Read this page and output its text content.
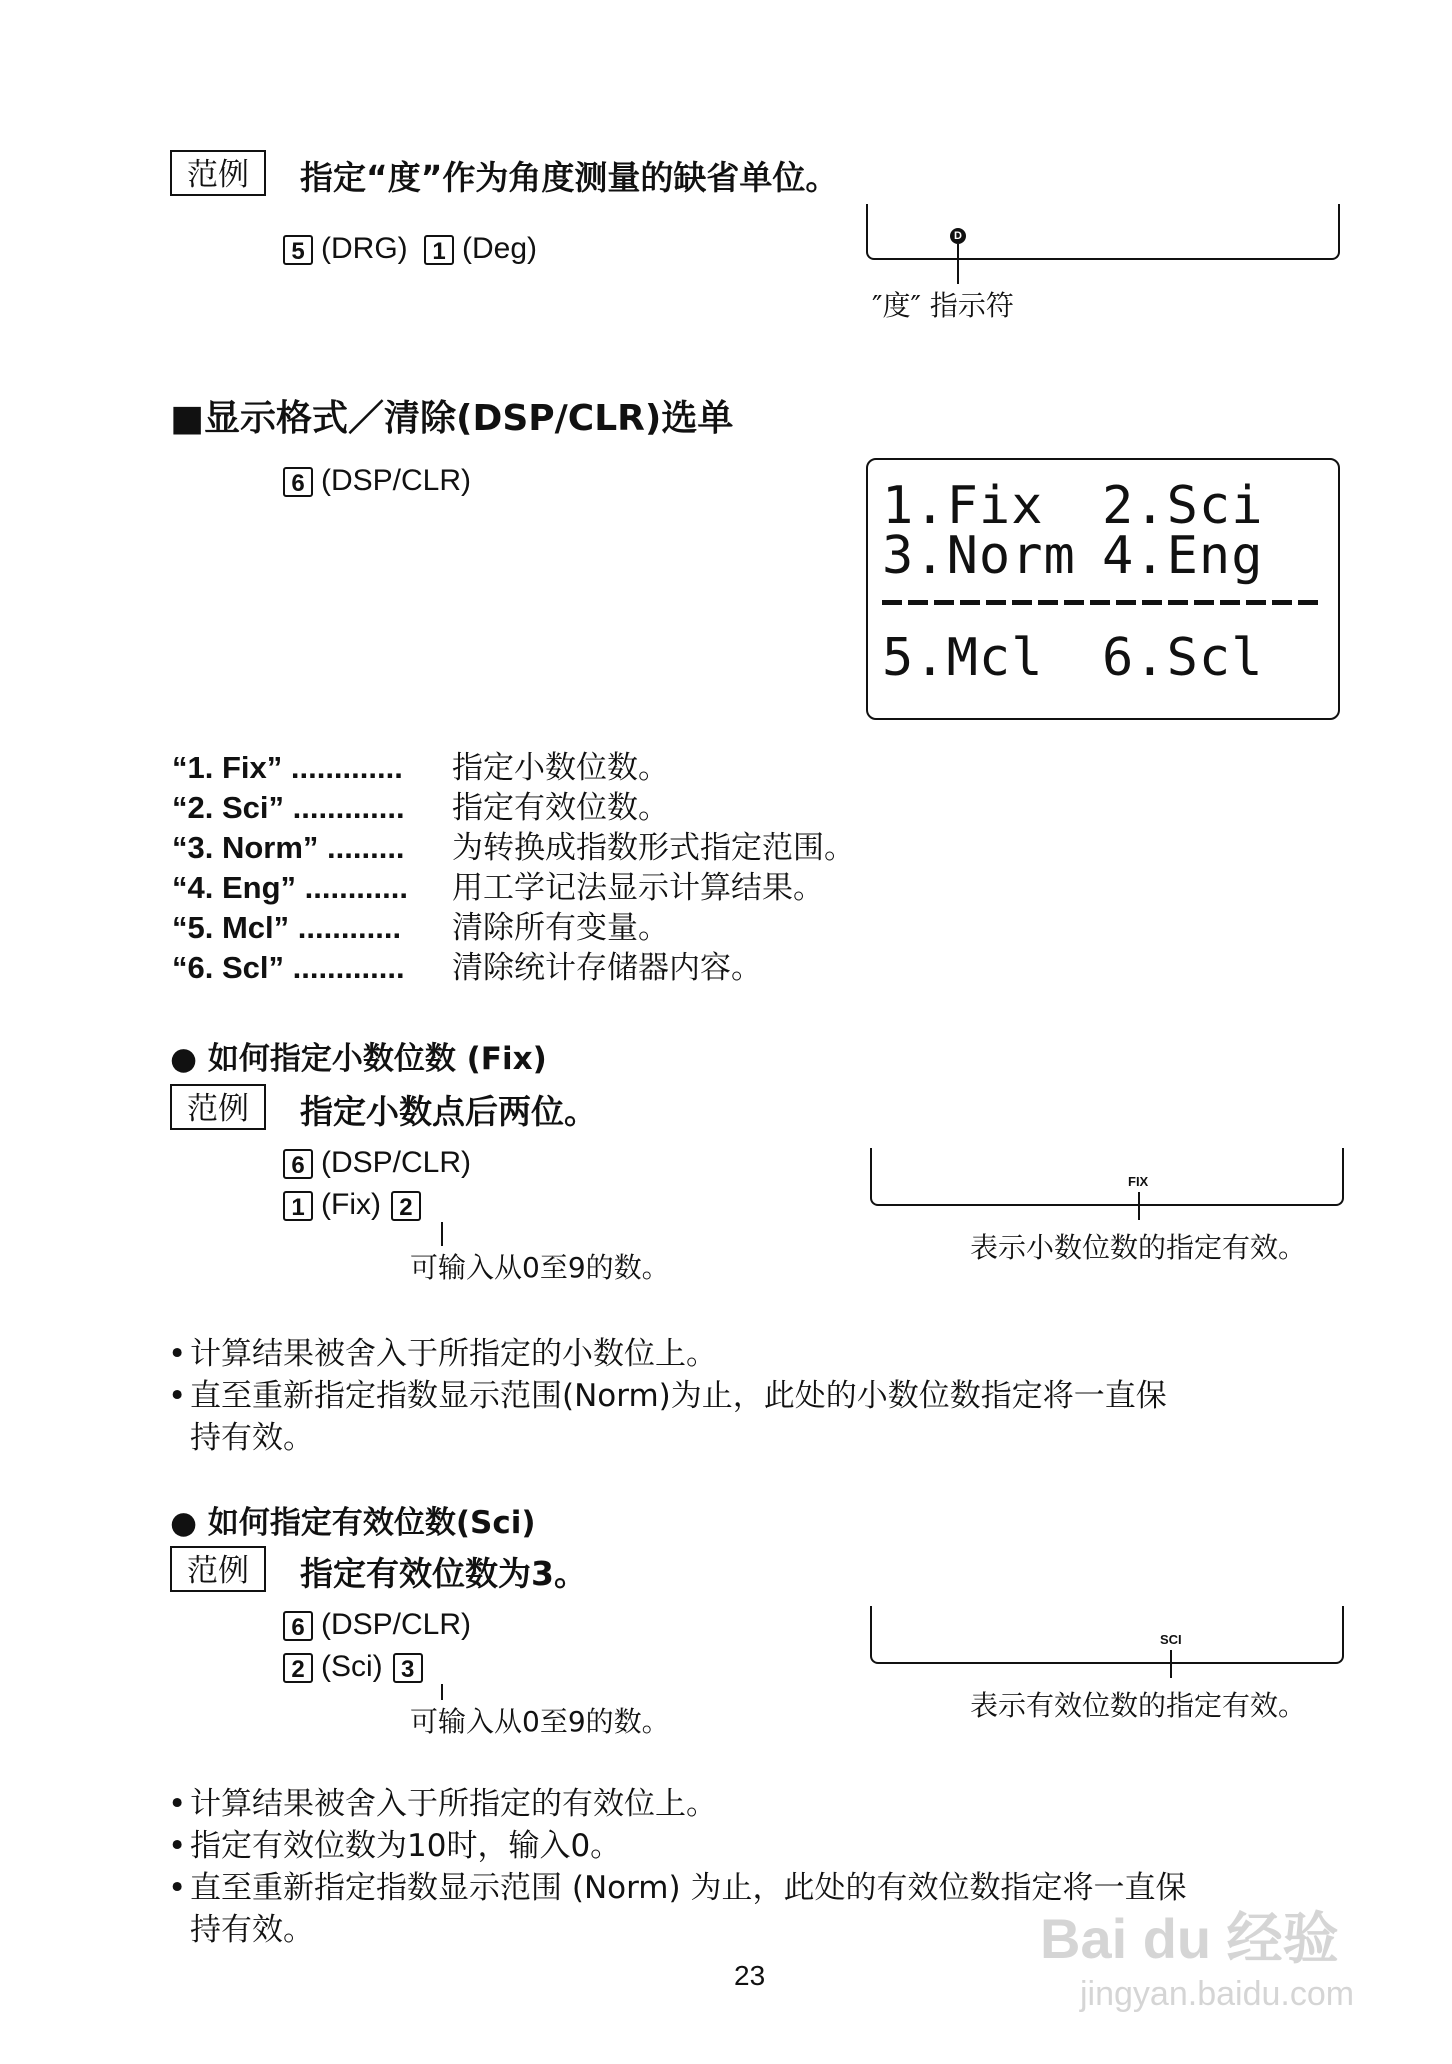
范例	指定“度”作为角度测量的缺省单位。
5 (DRG) 1 (Deg)	D
″度″ 指示符
■显示格式／清除(DSP/CLR)选单
6 (DSP/CLR)	1.Fix 2.Sci
3.Norm 4.Eng
5.Mcl 6.Scl
“1. Fix” ............. 指定小数位数。
“2. Sci” ............. 指定有效位数。
“3. Norm” ......... 为转换成指数形式指定范围。
“4. Eng” ............ 用工学记法显示计算结果。
“5. Mcl” ............ 清除所有变量。
“6. Scl” ............. 清除统计存储器内容。
● 如何指定小数位数 (Fix)
范例	指定小数点后两位。
6 (DSP/CLR)
1 (Fix) 2
可输入从0至9的数。
FIX
表示小数位数的指定有效。
• 计算结果被舍入于所指定的小数位上。
• 直至重新指定指数显示范围(Norm)为止，此处的小数位数指定将一直保
持有效。
● 如何指定有效位数(Sci)
范例	指定有效位数为3。
6 (DSP/CLR)
2 (Sci) 3
可输入从0至9的数。
SCI
表示有效位数的指定有效。
• 计算结果被舍入于所指定的有效位上。
• 指定有效位数为10时，输入0。
• 直至重新指定指数显示范围 (Norm) 为止，此处的有效位数指定将一直保
持有效。
23
Bai du 经验
jingyan.baidu.com
